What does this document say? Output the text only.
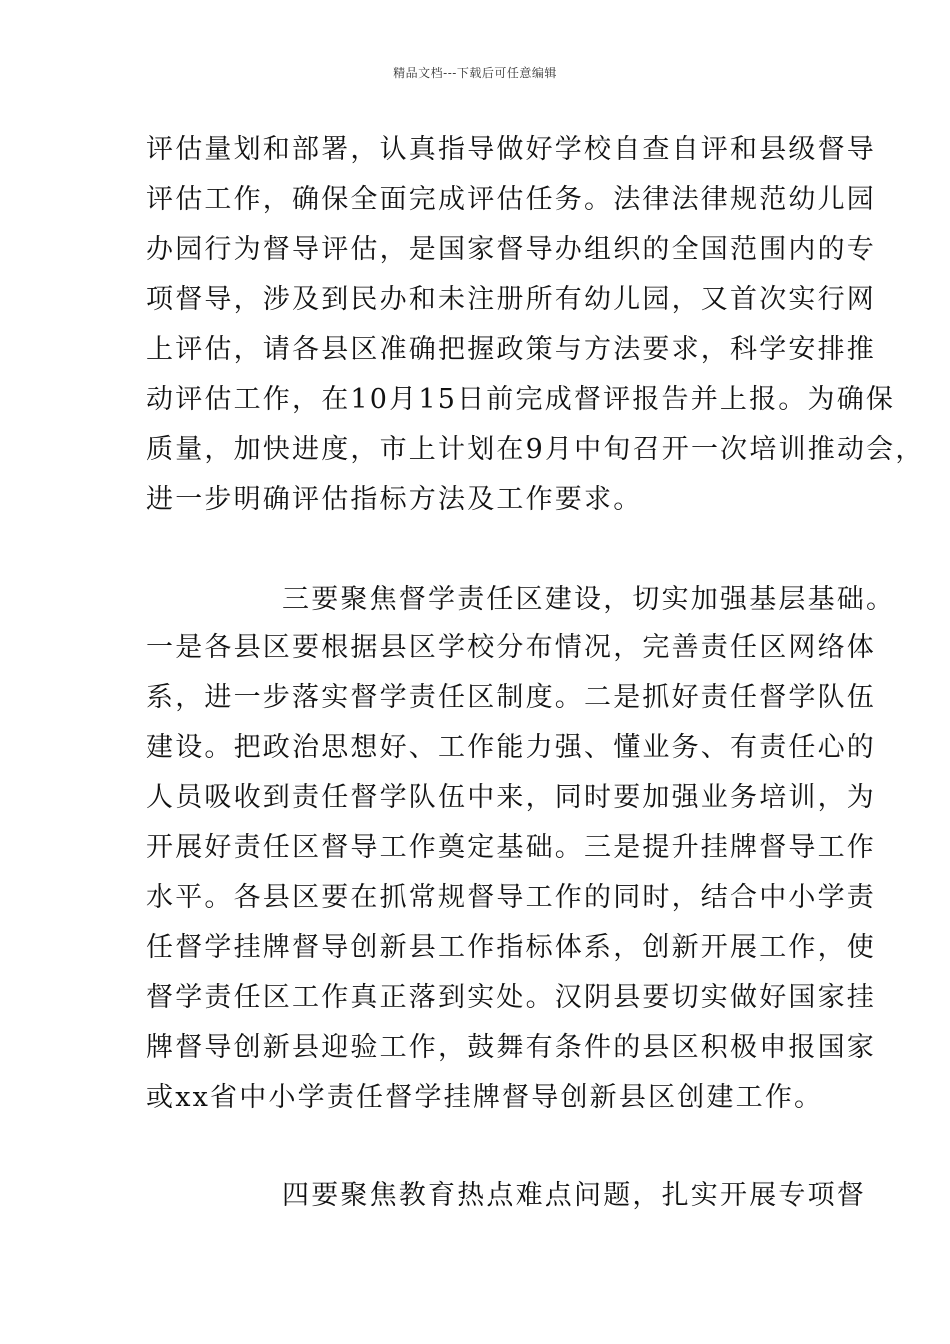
精品文档---下载后可任意编辑
评估量划和部署，认真指导做好学校自查自评和县级督导
评估工作，确保全面完成评估任务。法律法律规范幼儿园
办园行为督导评估，是国家督导办组织的全国范围内的专
项督导，涉及到民办和未注册所有幼儿园，又首次实行网
上评估，请各县区准确把握政策与方法要求，科学安排推
动评估工作，在10月15日前完成督评报告并上报。为确保
质量，加快进度，市上计划在9月中旬召开一次培训推动会，
进一步明确评估指标方法及工作要求。
三要聚焦督学责任区建设，切实加强基层基础。
一是各县区要根据县区学校分布情况，完善责任区网络体
系，进一步落实督学责任区制度。二是抓好责任督学队伍
建设。把政治思想好、工作能力强、懂业务、有责任心的
人员吸收到责任督学队伍中来，同时要加强业务培训，为
开展好责任区督导工作奠定基础。三是提升挂牌督导工作
水平。各县区要在抓常规督导工作的同时，结合中小学责
任督学挂牌督导创新县工作指标体系，创新开展工作，使
督学责任区工作真正落到实处。汉阴县要切实做好国家挂
牌督导创新县迎验工作，鼓舞有条件的县区积极申报国家
或xx省中小学责任督学挂牌督导创新县区创建工作。
四要聚焦教育热点难点问题，扎实开展专项督
